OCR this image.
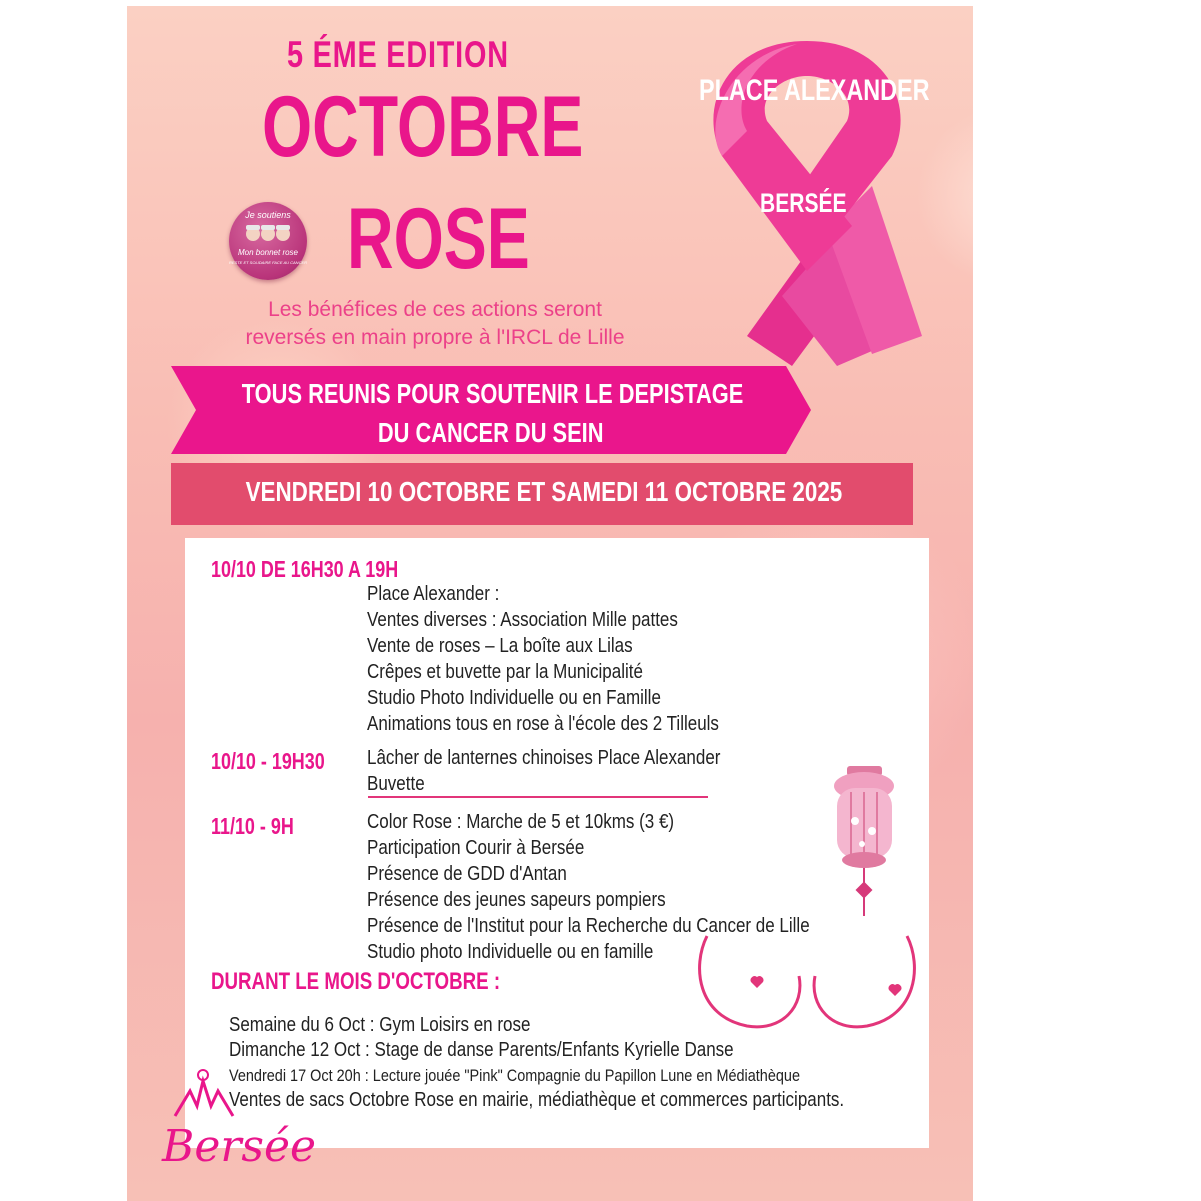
5 ÉME EDITION
OCTOBRE
ROSE
Je soutiens
Mon bonnet rose
RESTE ET SOLIDAIRE FACE AU CANCER
Les bénéfices de ces actions seront
reversés en main propre à l'IRCL de Lille
PLACE ALEXANDER
BERSÉE
TOUS REUNIS POUR SOUTENIR LE DEPISTAGE
DU CANCER DU SEIN
VENDREDI 10 OCTOBRE ET SAMEDI 11 OCTOBRE 2025
10/10 DE 16H30 A 19H
Place Alexander :
Ventes diverses : Association Mille pattes
Vente de roses – La boîte aux Lilas
Crêpes et buvette par la Municipalité
Studio Photo Individuelle ou en Famille
Animations tous en rose à l'école des 2 Tilleuls
10/10 - 19H30 Lâcher de lanternes chinoises Place Alexander
Buvette
11/10 - 9H	Color Rose : Marche de 5 et 10kms (3 €)
Participation Courir à Bersée
Présence de GDD d'Antan
Présence des jeunes sapeurs pompiers
Présence de l'Institut pour la Recherche du Cancer de Lille
Studio photo Individuelle ou en famille
DURANT LE MOIS D'OCTOBRE :
Semaine du 6 Oct : Gym Loisirs en rose
Dimanche 12 Oct : Stage de danse Parents/Enfants Kyrielle Danse
Vendredi 17 Oct 20h : Lecture jouée "Pink" Compagnie du Papillon Lune en Médiathèque
Ventes de sacs Octobre Rose en mairie, médiathèque et commerces participants.
Bersée
